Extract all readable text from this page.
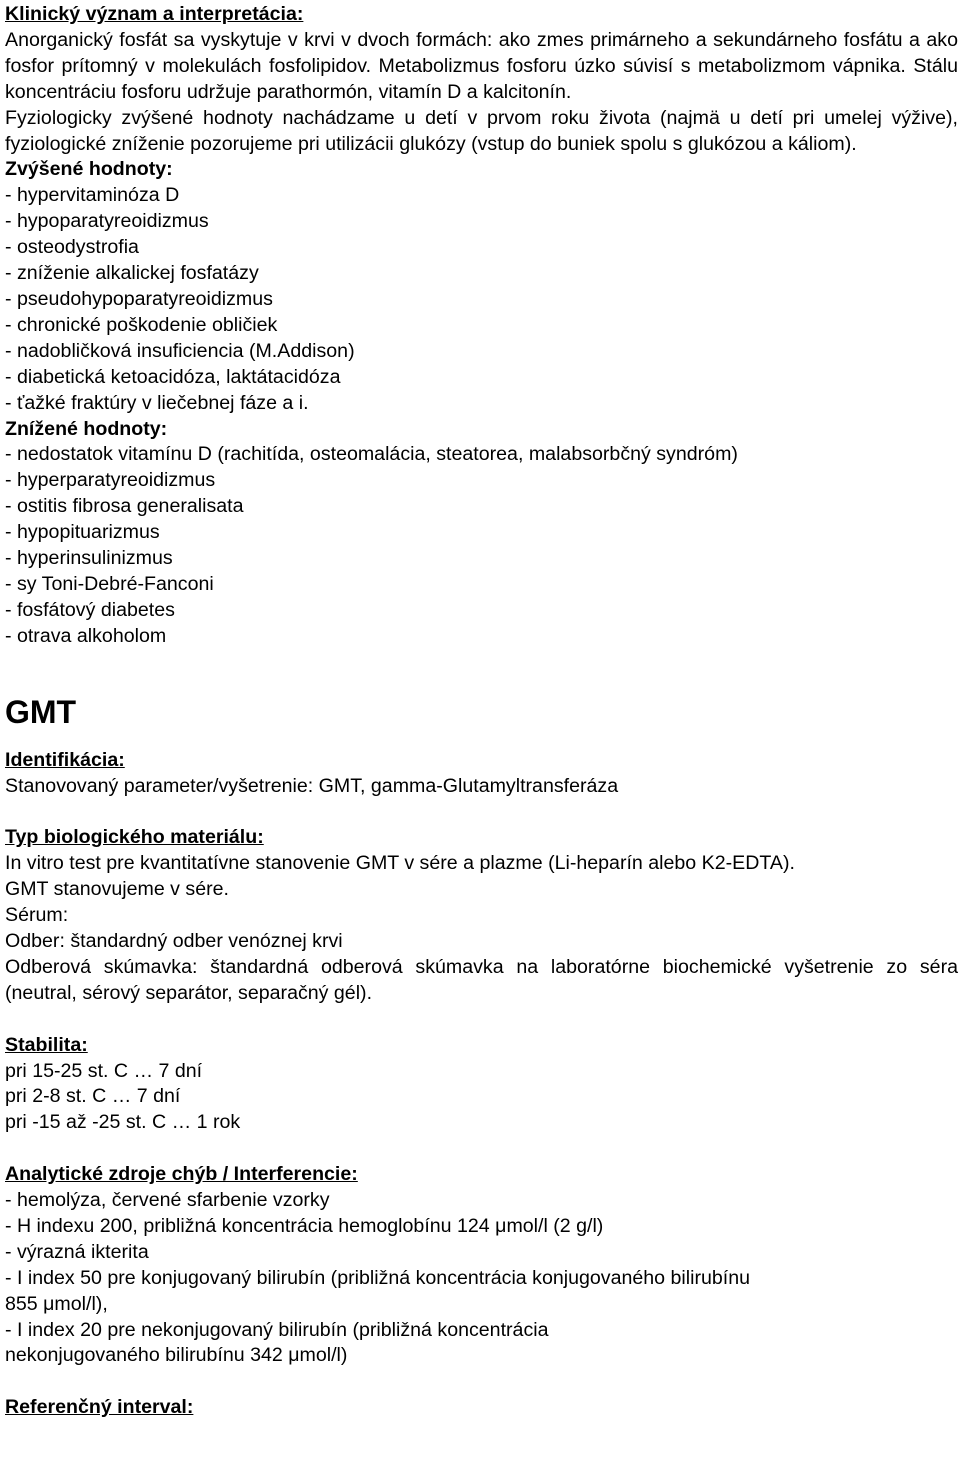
Klinický význam a interpretácia:
Anorganický fosfát sa vyskytuje v krvi v dvoch formách: ako zmes primárneho a sekundárneho fosfátu a ako fosfor prítomný v molekulách fosfolipidov. Metabolizmus fosforu úzko súvisí s metabolizmom vápnika. Stálu koncentráciu fosforu udržuje parathormón, vitamín D a kalcitonín.
Fyziologicky zvýšené hodnoty nachádzame u detí v prvom roku života (najmä u detí pri umelej výžive), fyziologické zníženie pozorujeme pri utilizácii glukózy (vstup do buniek spolu s glukózou a káliom).
Zvýšené hodnoty:
- hypervitaminóza D
- hypoparatyreoidizmus
- osteodystrofia
- zníženie alkalickej fosfatázy
- pseudohypoparatyreoidizmus
- chronické poškodenie obličiek
- nadobličková insuficiencia (M.Addison)
- diabetická ketoacidóza, laktátacidóza
- ťažké fraktúry v liečebnej fáze a i.
Znížené hodnoty:
- nedostatok vitamínu D (rachitída, osteomalácia, steatorea, malabsorbčný syndróm)
- hyperparatyreoidizmus
- ostitis fibrosa generalisata
- hypopituarizmus
- hyperinsulinizmus
- sy Toni-Debré-Fanconi
- fosfátový diabetes
- otrava alkoholom
GMT
Identifikácia:
Stanovovaný parameter/vyšetrenie: GMT, gamma-Glutamyltransferáza
Typ biologického materiálu:
In vitro test pre kvantitatívne stanovenie GMT v sére a plazme (Li-heparín alebo K2-EDTA).
GMT stanovujeme v sére.
Sérum:
Odber: štandardný odber venóznej krvi
Odberová skúmavka: štandardná odberová skúmavka na laboratórne biochemické vyšetrenie zo séra (neutral, sérový separátor, separačný gél).
Stabilita:
pri 15-25 st. C … 7 dní
pri 2-8 st. C … 7 dní
pri -15 až -25 st. C … 1 rok
Analytické zdroje chýb / Interferencie:
- hemolýza, červené sfarbenie vzorky
- H indexu 200, približná koncentrácia hemoglobínu 124 μmol/l (2 g/l)
- výrazná ikterita
- I index 50 pre konjugovaný bilirubín (približná koncentrácia konjugovaného bilirubínu
855 μmol/l),
- I index 20 pre nekonjugovaný bilirubín (približná koncentrácia
nekonjugovaného bilirubínu 342 μmol/l)
Referenčný interval:
